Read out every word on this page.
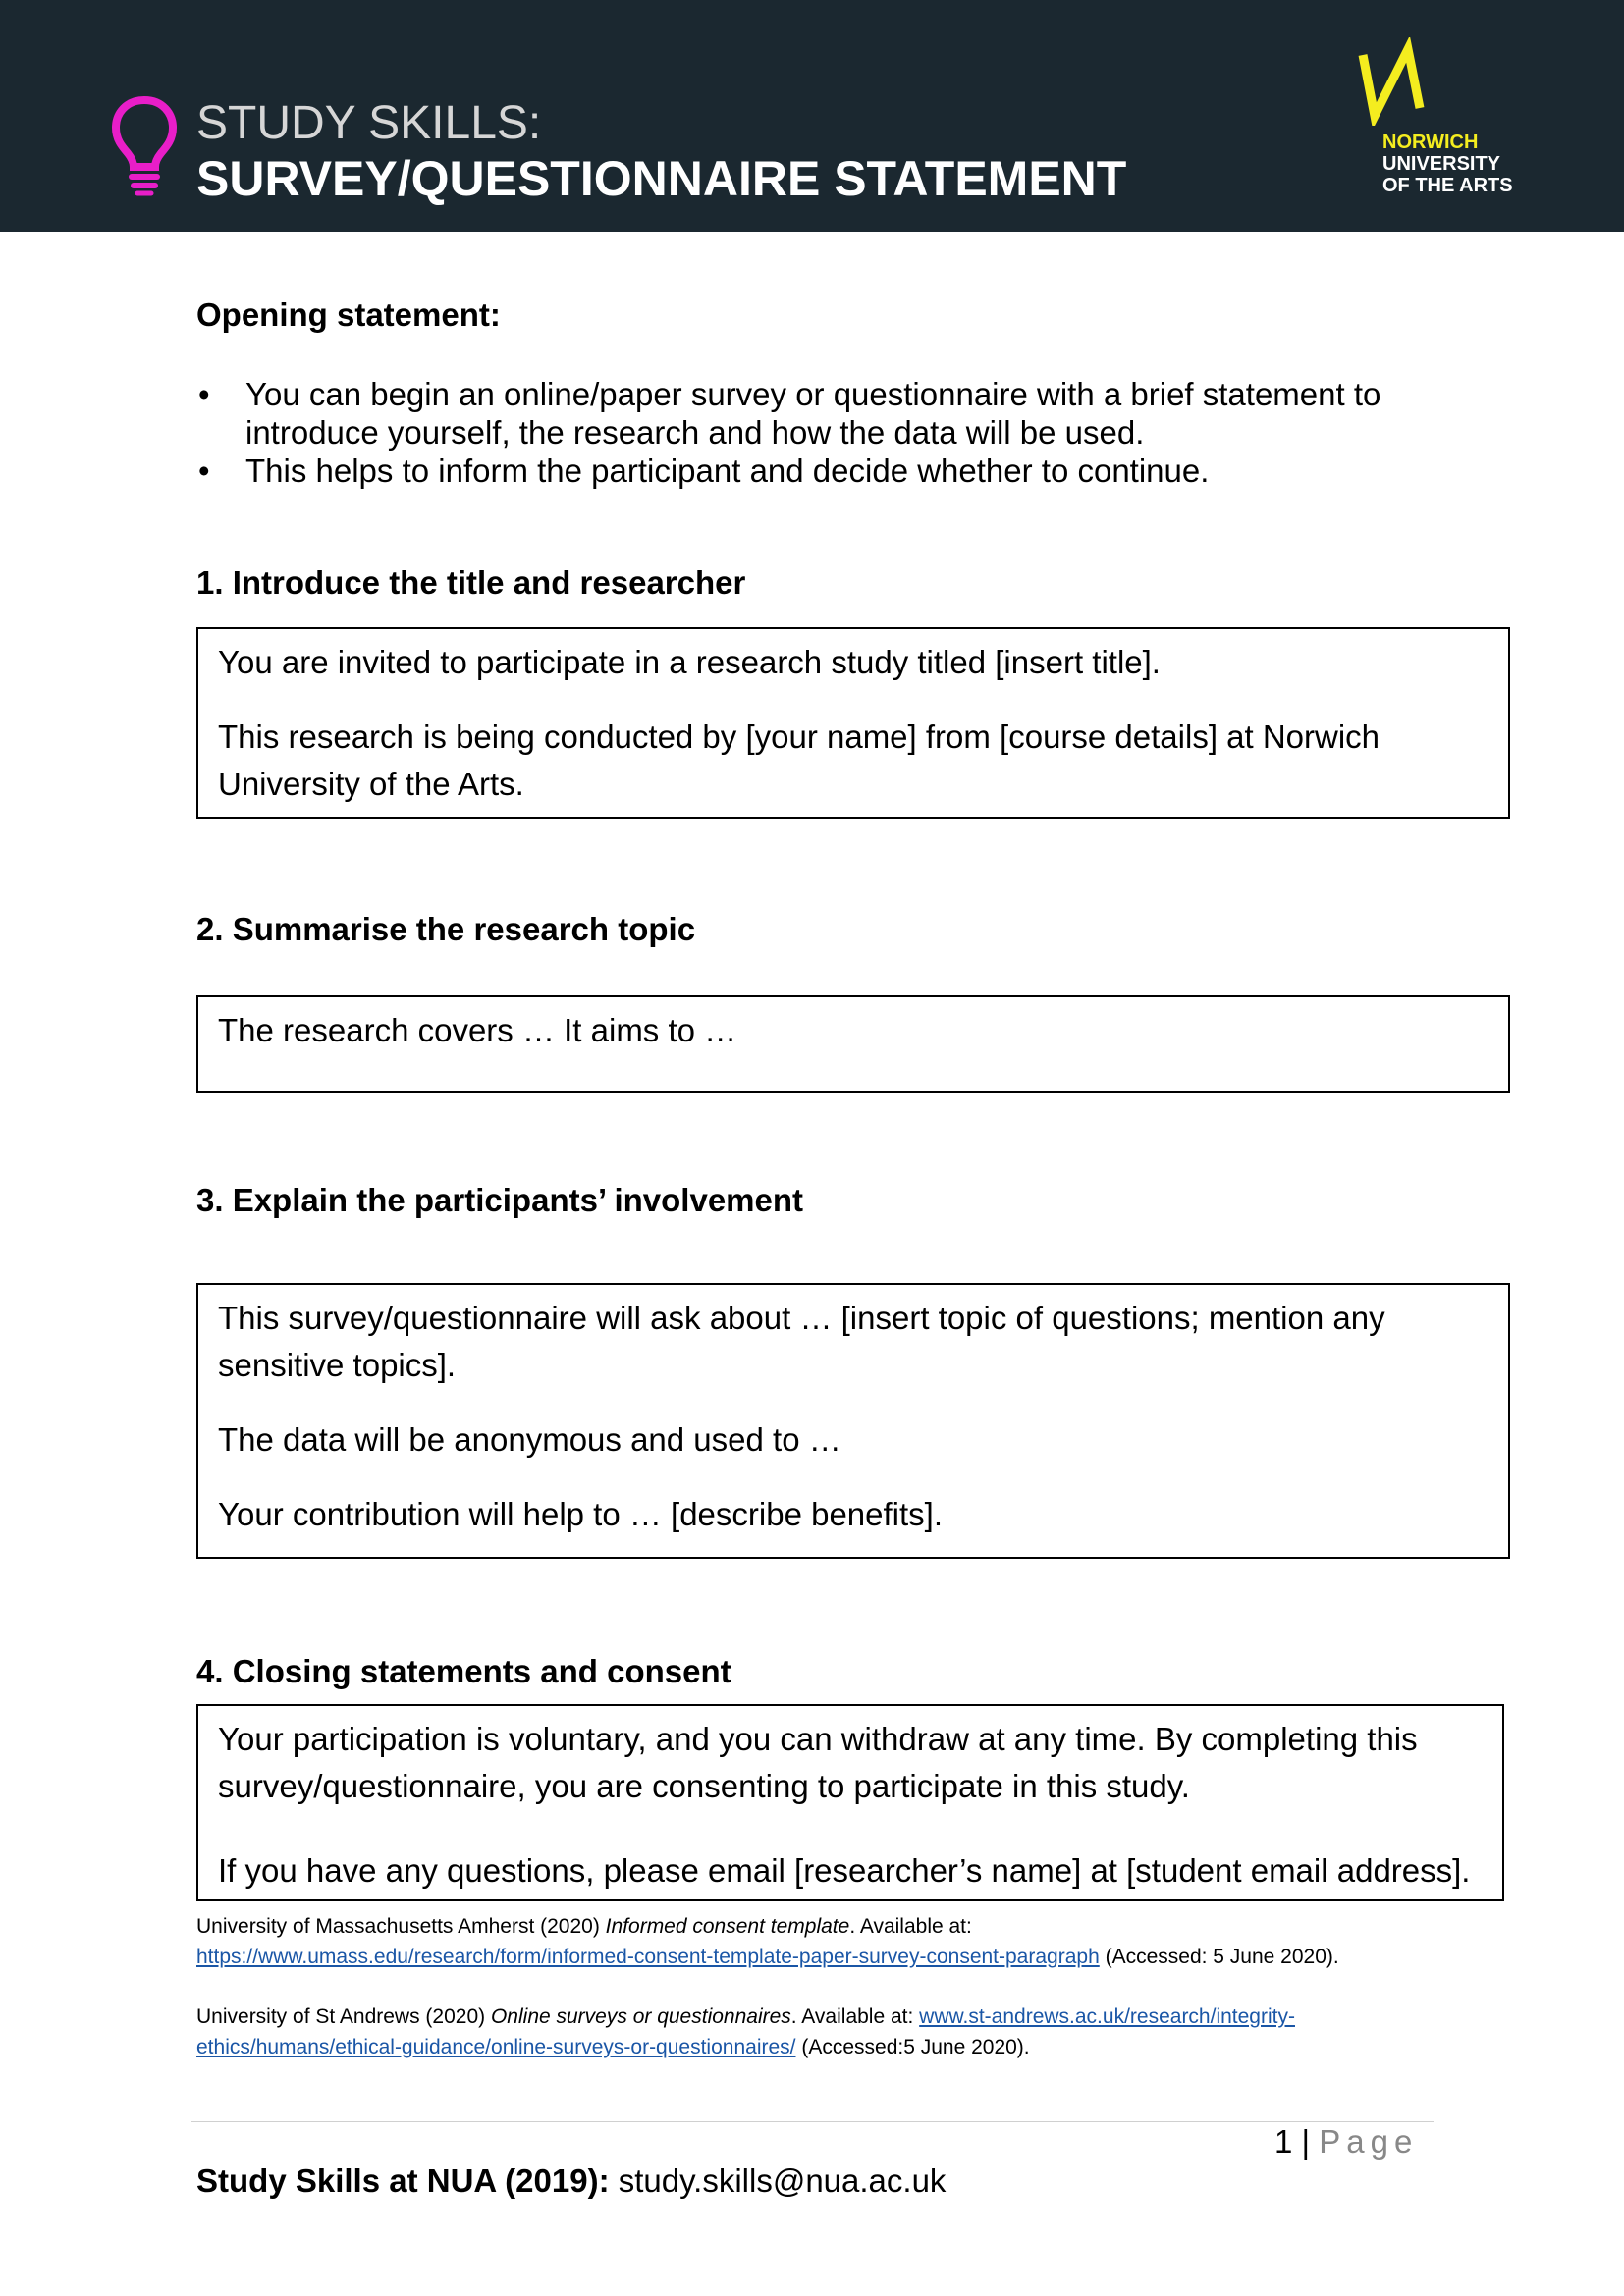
STUDY SKILLS:
SURVEY/QUESTIONNAIRE STATEMENT
NORWICH
UNIVERSITY
OF THE ARTS
Opening statement:
• You can begin an online/paper survey or questionnaire with a brief statement to introduce yourself, the research and how the data will be used.
• This helps to inform the participant and decide whether to continue.
1. Introduce the title and researcher

You are invited to participate in a research study titled [insert title].

This research is being conducted by [your name] from [course details] at Norwich University of the Arts.

2. Summarise the research topic

The research covers … It aims to …

3. Explain the participants’ involvement

This survey/questionnaire will ask about … [insert topic of questions; mention any sensitive topics].

The data will be anonymous and used to …

Your contribution will help to … [describe benefits].

4. Closing statements and consent

Your participation is voluntary, and you can withdraw at any time. By completing this survey/questionnaire, you are consenting to participate in this study.

If you have any questions, please email [researcher’s name] at [student email address].

University of Massachusetts Amherst (2020) Informed consent template. Available at:
https://www.umass.edu/research/form/informed-consent-template-paper-survey-consent-paragraph (Accessed: 5 June 2020).
University of St Andrews (2020) Online surveys or questionnaires. Available at: www.st-andrews.ac.uk/research/integrity-ethics/humans/ethical-guidance/online-surveys-or-questionnaires/ (Accessed:5 June 2020).
1 | Page
Study Skills at NUA (2019): study.skills@nua.ac.uk
